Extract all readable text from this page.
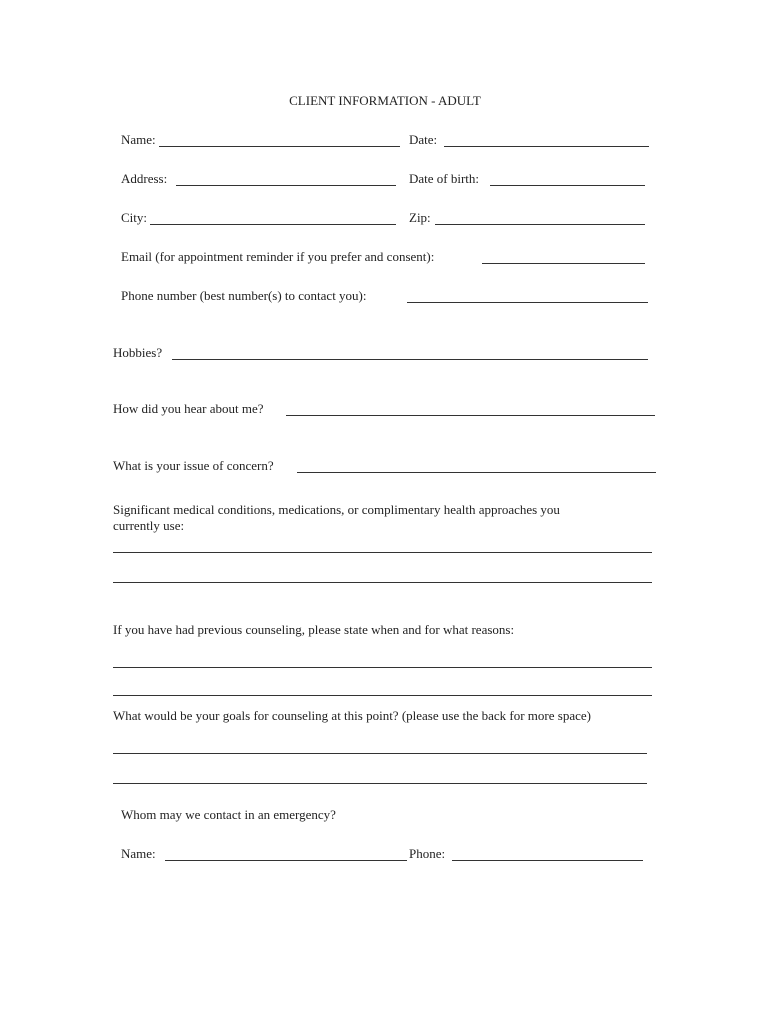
CLIENT INFORMATION - ADULT
Name:	Date:
Address:	Date of birth:
City:	Zip:
Email (for appointment reminder if you prefer and consent):
Phone number (best number(s) to contact you):
Hobbies?
How did you hear about me?
What is your issue of concern?
Significant medical conditions, medications, or complimentary health approaches you
currently use:
If you have had previous counseling, please state when and for what reasons:
What would be your goals for counseling at this point? (please use the back for more space)
Whom may we contact in an emergency?
Name:	Phone:
